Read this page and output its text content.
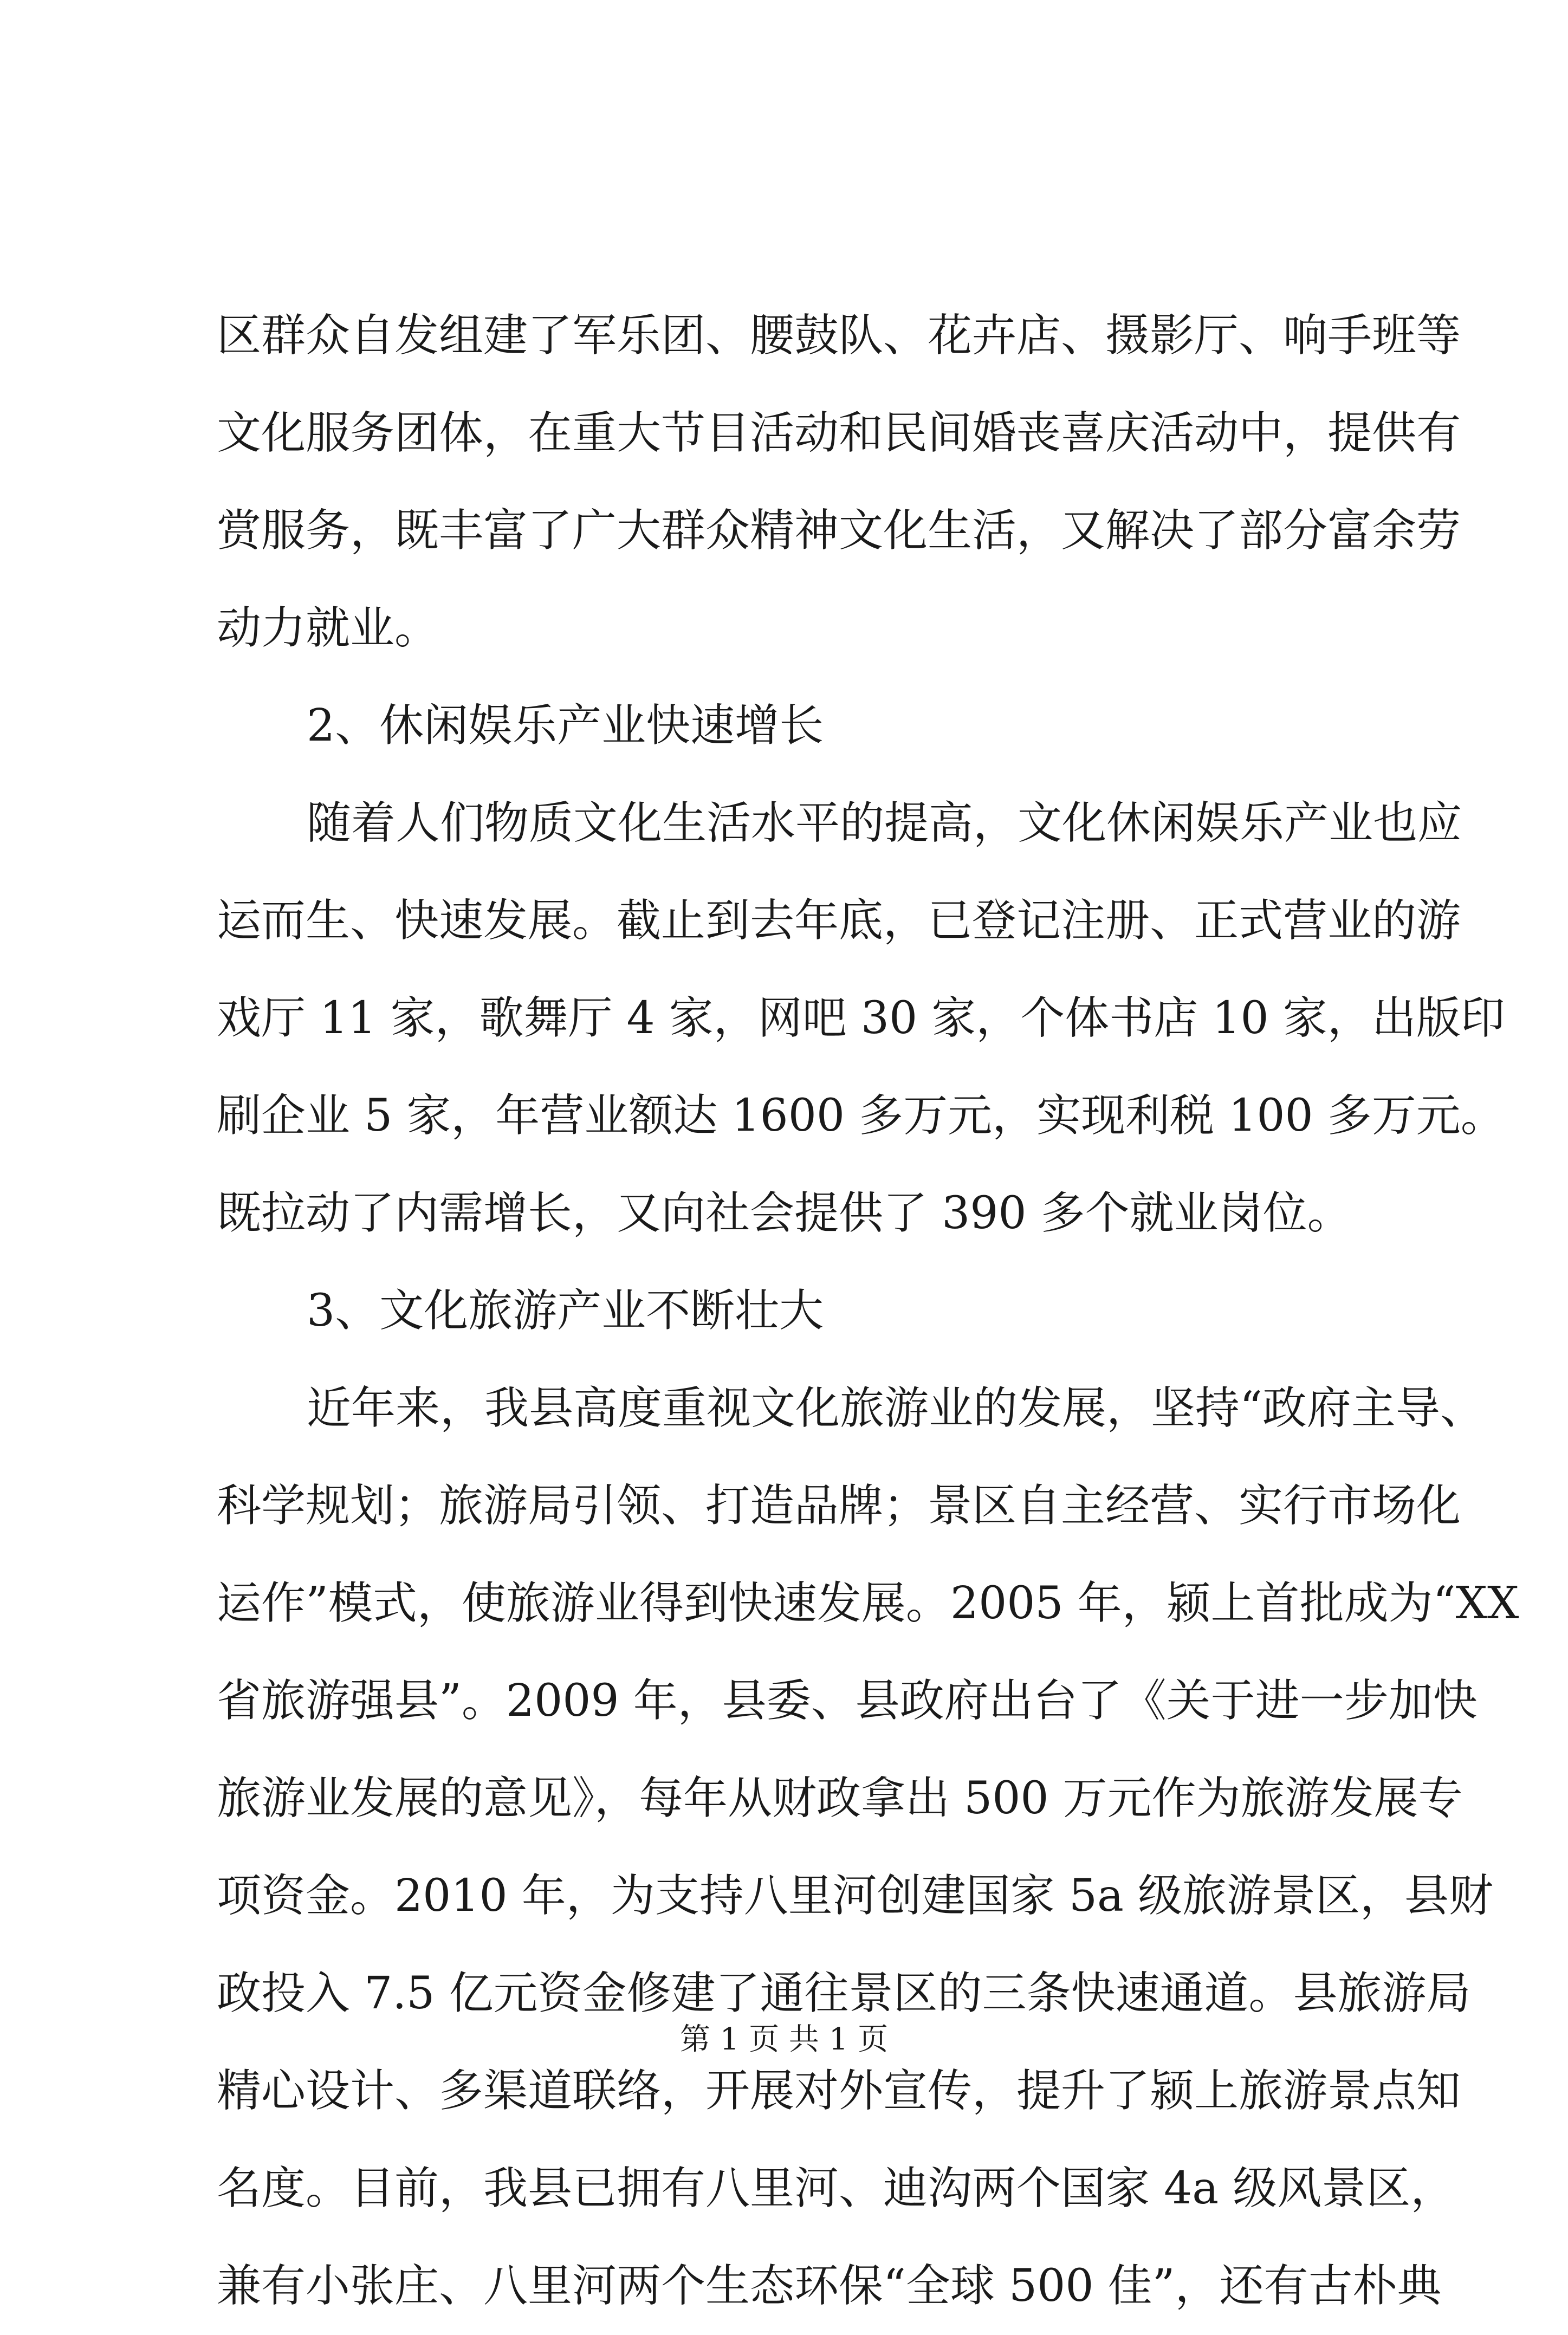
区群众自发组建了军乐团、腰鼓队、花卉店、摄影厅、响手班等
文化服务团体，在重大节目活动和民间婚丧喜庆活动中，提供有
赏服务，既丰富了广大群众精神文化生活，又解决了部分富余劳
动力就业。
2、休闲娱乐产业快速增长
随着人们物质文化生活水平的提高，文化休闲娱乐产业也应
运而生、快速发展。截止到去年底，已登记注册、正式营业的游
戏厅 11 家，歌舞厅 4 家，网吧 30 家，个体书店 10 家，出版印
刷企业 5 家，年营业额达 1600 多万元，实现利税 100 多万元。
既拉动了内需增长，又向社会提供了 390 多个就业岗位。
3、文化旅游产业不断壮大
近年来，我县高度重视文化旅游业的发展，坚持“政府主导、
科学规划；旅游局引领、打造品牌；景区自主经营、实行市场化
运作”模式，使旅游业得到快速发展。2005 年，颍上首批成为“XX
省旅游强县”。2009 年，县委、县政府出台了《关于进一步加快
旅游业发展的意见》，每年从财政拿出 500 万元作为旅游发展专
项资金。2010 年，为支持八里河创建国家 5a 级旅游景区，县财
政投入 7.5 亿元资金修建了通往景区的三条快速通道。县旅游局
精心设计、多渠道联络，开展对外宣传，提升了颍上旅游景点知
名度。目前，我县已拥有八里河、迪沟两个国家 4a 级风景区，
兼有小张庄、八里河两个生态环保“全球 500 佳”，还有古朴典
第 1 页 共 1 页
